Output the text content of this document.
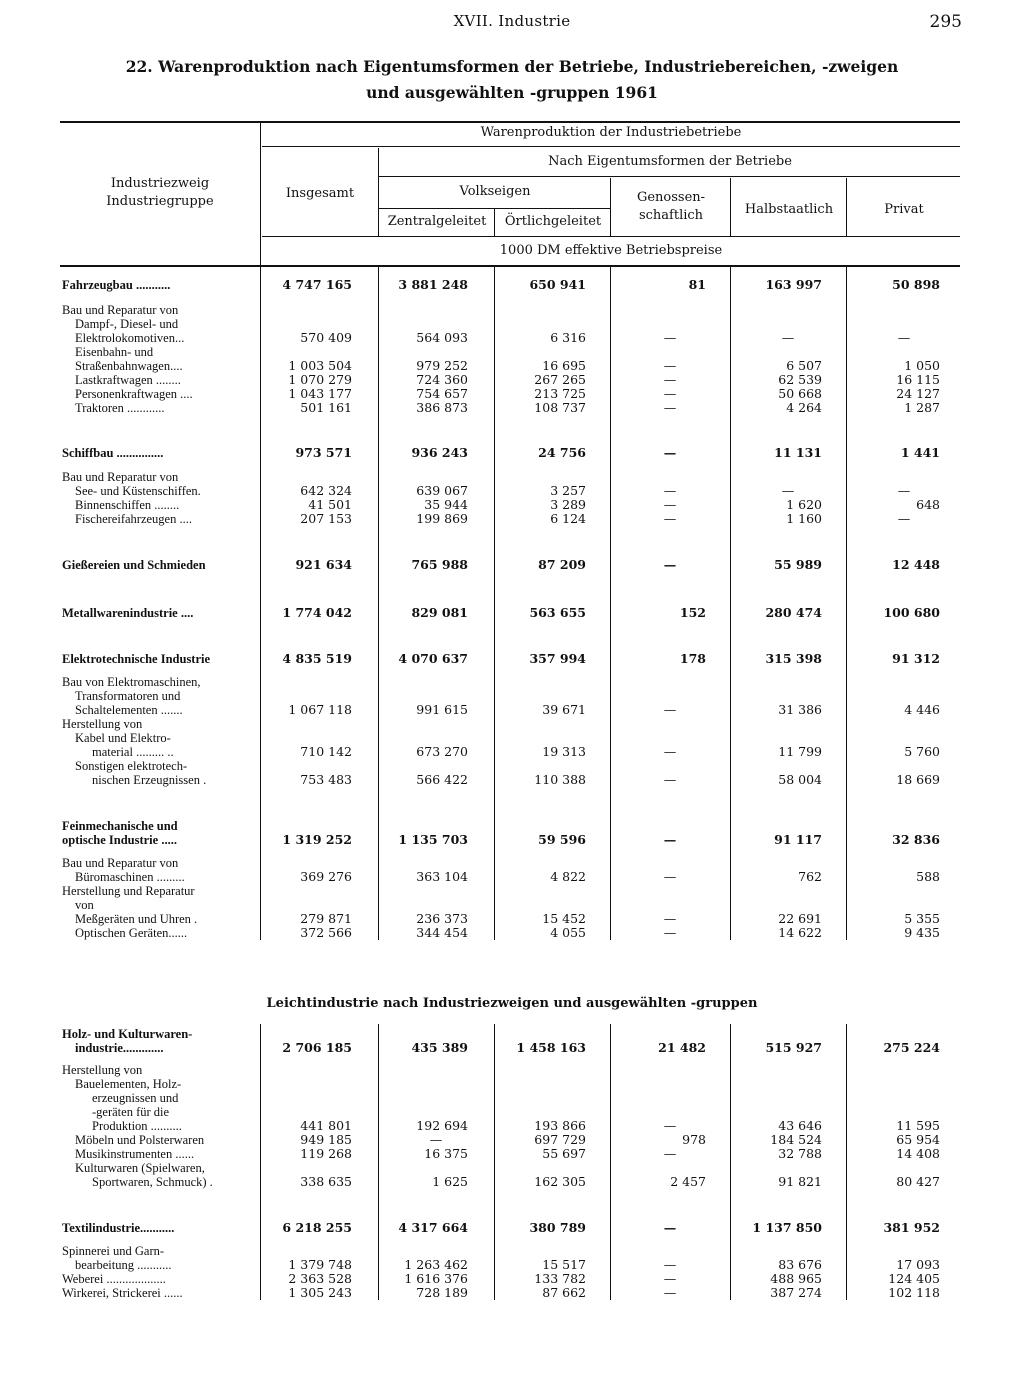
XVII. Industrie	295
22. Warenproduktion nach Eigentumsformen der Betriebe, Industriebereichen, -zweigen
und ausgewählten -gruppen 1961
Industriezweig
Industriegruppe
Warenproduktion der Industriebetriebe
Nach Eigentumsformen der Betriebe
Insgesamt	Volkseigen
Zentralgeleitet	Örtlichgeleitet
Genossen-
schaftlich	Halbstaatlich	Privat
1000 DM effektive Betriebspreise
Leichtindustrie nach Industriezweigen und ausgewählten -gruppen
Fahrzeugbau ...........	4 747 165	3 881 248	650 941	81	163 997	50 898
Bau und Reparatur von
Dampf-, Diesel- und
Elektrolokomotiven...	570 409	564 093	6 316	—	—	—
Eisenbahn- und
Straßenbahnwagen....	1 003 504	979 252	16 695	—	6 507	1 050
Lastkraftwagen ........	1 070 279	724 360	267 265	—	62 539	16 115
Personenkraftwagen ....	1 043 177	754 657	213 725	—	50 668	24 127
Traktoren ............	501 161	386 873	108 737	—	4 264	1 287
Schiffbau ...............	973 571	936 243	24 756	—	11 131	1 441
Bau und Reparatur von
See- und Küstenschiffen.	642 324	639 067	3 257	—	—	—
Binnenschiffen ........	41 501	35 944	3 289	—	1 620	648
Fischereifahrzeugen ....	207 153	199 869	6 124	—	1 160	—
Gießereien und Schmieden	921 634	765 988	87 209	—	55 989	12 448
Metallwarenindustrie ....	1 774 042	829 081	563 655	152	280 474	100 680
Elektrotechnische Industrie	4 835 519	4 070 637	357 994	178	315 398	91 312
Bau von Elektromaschinen,
Transformatoren und
Schaltelementen .......	1 067 118	991 615	39 671	—	31 386	4 446
Herstellung von
Kabel und Elektro-
material ......... ..	710 142	673 270	19 313	—	11 799	5 760
Sonstigen elektrotech-
nischen Erzeugnissen .	753 483	566 422	110 388	—	58 004	18 669
Feinmechanische und
optische Industrie .....	1 319 252	1 135 703	59 596	—	91 117	32 836
Bau und Reparatur von
Büromaschinen .........	369 276	363 104	4 822	—	762	588
Herstellung und Reparatur
von
Meßgeräten und Uhren .	279 871	236 373	15 452	—	22 691	5 355
Optischen Geräten......	372 566	344 454	4 055	—	14 622	9 435
Holz- und Kulturwaren-
industrie.............	2 706 185	435 389	1 458 163	21 482	515 927	275 224
Herstellung von
Bauelementen, Holz-
erzeugnissen und
-geräten für die
Produktion ..........	441 801	192 694	193 866	—	43 646	11 595
Möbeln und Polsterwaren	949 185	—	697 729	978	184 524	65 954
Musikinstrumenten ......	119 268	16 375	55 697	—	32 788	14 408
Kulturwaren (Spielwaren,
Sportwaren, Schmuck) .	338 635	1 625	162 305	2 457	91 821	80 427
Textilindustrie...........	6 218 255	4 317 664	380 789	—	1 137 850	381 952
Spinnerei und Garn-
bearbeitung ...........	1 379 748	1 263 462	15 517	—	83 676	17 093
Weberei ...................	2 363 528	1 616 376	133 782	—	488 965	124 405
Wirkerei, Strickerei ......	1 305 243	728 189	87 662	—	387 274	102 118
